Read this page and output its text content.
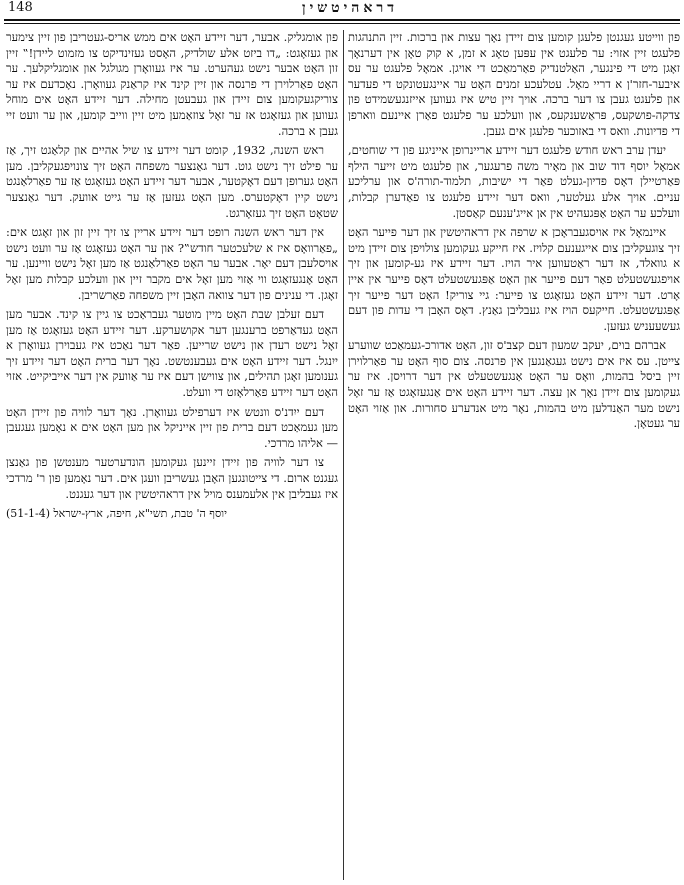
148	דראהיטשין

פון ווייטע געגנטן פלעגן קומען צום זיידן נאָך עצות און ברכות. זיין התנהגות פלעגט זיין אזוי: ער פלעגט אין עפּען טאָג א זמן, א קוק טאָן אין דערנאָך זאָגן מיט די פינגער, האַלטנדיק פאַרמאַכט די אויגן. אמאָל פלעגט ער עס איבער-חזר'ן א דריי מאָל. עטלעכע זמנים האָט ער איינגעטונקט די פעדער און פלעגט געבן צו דער ברכה. אויך זיין טיש איז געווען אייזנגעשמידט פון צדקה-פושקעס, פּראַשענקעס, און וועלכע ער פלעגט פאַרן איינעם ווארפן די פדיונות. וואס די באזוכער פלעגן אים געבן.

יעדן ערב ראש חודש פלעגט דער זיידע אריינרופן אייניגע פון די שוחטים, אמאָל יוסף דוד שוב און מאָיר משה פרעגער, און פלעגט מיט זייער הילף פּאַרטיילן דאָס פדיון-געלט פאַר די ישיבות, תלמוד-תורה'ס און ערליכע עניים. אויך אלע געלטער, וואס דער זיידע פלעגט צו פאַדערן קבלות, וועלכע ער האָט אַפּגעהיט אין אן אייג'ענעם קאַסטן.

איינמאָל איז אויסגעבראָכן א שרפה אין דראהיטשין און דער פייער האָט זיך צוגעקליבן צום אייגענעם קלויז. איז חייקע געקומען צולויפן צום זיידן מיט א גוואלד, אז דער ראַטעווען איר הויז. דער זיידע איז גע-קומען און זיך אויפגעשטעלט פאַר דעם פייער און האָט אַפּגעשטעלט דאָס פייער אין איין אָרט. דער זיידע האָט געזאָגט צו פייער: גיי צוריק! האָט דער פייער זיך אַפּגעשטעלט. חייקעס הויז איז געבליבן גאַנץ. דאָס האָבן די עדות פון דעם געשעעניש געזען.

אברהם בוים, יעקב שמעון דעם קצב'ס זון, האָט אדורכ-געמאַכט שווערע צייטן. עס איז אים נישט געגאַנגען אין פרנסה. צום סוף האָט ער פאַרלוירן זיין ביסל בהמות, וואָס ער האָט אַנגעשטעלט אין דער דרויסן. איז ער געקומען צום זיידן נאָך אן עצה. דער זיידע האָט אים אַנגעזאָגט אַז ער זאָל נישט מער האַנדלען מיט בהמות, נאָר מיט אנדערע סחורות. און אַזוי האָט ער געטאָן.

פון אומגליק. אבער, דער זיידע האָט אים ממש אריס-געטריבן פון זיין צימער און געזאָגט: „דו ביזט אלע שולדיק, האָסט געזינדיקט צו מזמוט ליידן!‟ זיין זון האָט אבער נישט געהערט. ער איז געוואָרן מגולגל און אומגליקלעך. ער האָט פאַרלוירן די פרנסה און זיין קינד איז קראַנק געוואָרן. נאָכדעם איז ער צוריקגעקומען צום זיידן און געבעטן מחילה. דער זיידע האָט אים מוחל געווען און געזאָגט אז ער זאָל צוזאַמען מיט זיין ווייב קומען, און ער וועט זיי געבן א ברכה.

ראש השנה, 1932, קומט דער זיידע צו שיל אהיים און קלאַגט זיך, אַז ער פילט זיך נישט גוט. דער גאַנצער משפחה האָט זיך צונויפגעקליבן. מען האָט גערופן דעם דאָקטער, אבער דער זיידע האָט געזאָגט אַז ער פאַרלאַנגט נישט קיין דאָקטערס. מען האָט געזען אַז ער גייט אוועק. דער גאַנצער שטאָט האָט זיך געזאָרגט.

אין דער ראש השנה רופט דער זיידע אריין צו זיך זיין זון און זאָגט אים: „פאַרוואָס איז א שלעכטער חודש‟? און ער האָט געזאָגט אַז ער וועט נישט אויסלעבן דעם יאָר. אבער ער האָט פאַרלאַנגט אַז מען זאָל נישט וויינען. ער האָט אָנגעזאָגט ווי אַזוי מען זאָל אים מקבר זיין און וועלכע קבלות מען זאָל זאָגן. די ענינים פון דער צוואה האָבן זיין משפחה פאַרשריבן.

דעם זעלבן שבת האָט מיין מוטער געבראַכט צו גיין צו קינד. אבער מען האָט געדאַרפט ברענגען דער אקושערקע. דער זיידע האָט געזאָגט אַז מען זאָל נישט רעדן און נישט שרייען. פאַר דער נאַכט איז געבוירן געוואָרן א ייִנגל. דער זיידע האָט אים געבענטשט. נאָך דער ברית האָט דער זיידע זיך גענומען זאָגן תהילים, און צווישן דעם איז ער אַוועק אין דער אייביקייט. אזוי האָט דער זיידע פאַרלאָזט די וועלט.

דעם ייִדנ'ס וונטש איז דערפילט געוואָרן. נאָך דער לוויה פון זיידן האָט מען געמאַכט דעם ברית פון זיין אייניקל און מען האָט אים א נאָמען געגעבן — אליהו מרדכי.

צו דער לוויה פון זיידן זיינען געקומען הונדערטער מענטשן פון גאַנצן געגנט ארום. די צייטונגען האָבן געשריבן וועגן אים. דער נאָמען פון ר' מרדכי איז געבליבן אין אלעמענס מויל אין דראהיטשין און דער געגנט.

יוסף ה' טבת, תשי"א, חיפה, ארץ-ישראל (51-1-4)
